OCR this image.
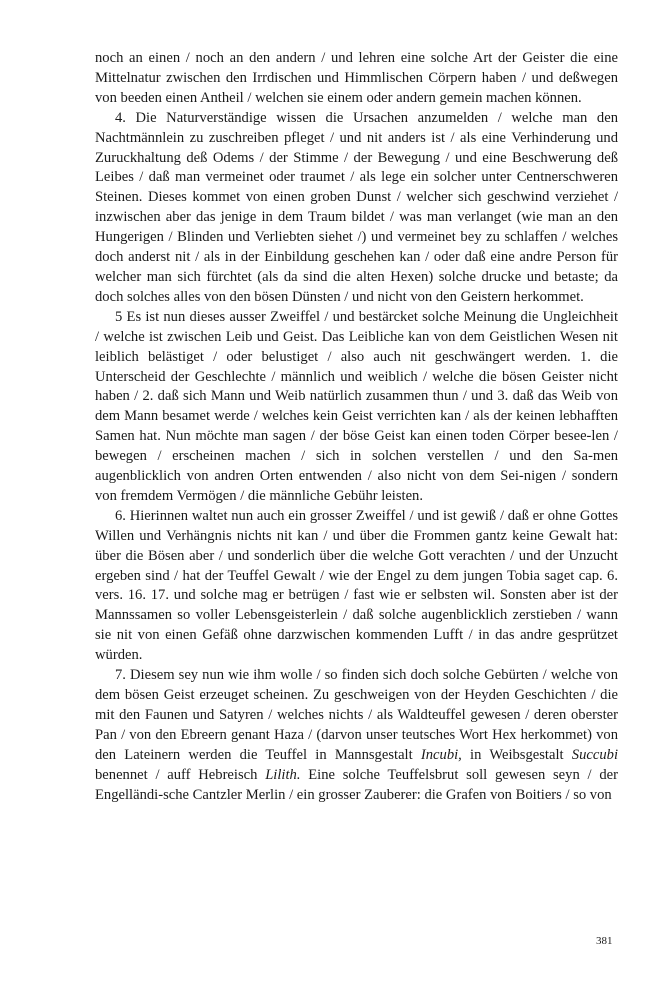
noch an einen / noch an den andern / und lehren eine solche Art der Geister die eine Mittelnatur zwischen den Irrdischen und Himmlischen Cörpern haben / und deßwegen von beeden einen Antheil / welchen sie einem oder andern gemein machen können.

4. Die Naturverständige wissen die Ursachen anzumelden / welche man den Nachtmännlein zu zuschreiben pfleget / und nit anders ist / als eine Verhinderung und Zuruckhaltung deß Odems / der Stimme / der Bewegung / und eine Beschwerung deß Leibes / daß man vermeinet oder traumet / als lege ein solcher unter Centnerschweren Steinen. Dieses kommet von einen groben Dunst / welcher sich geschwind verziehet / inzwischen aber das jenige in dem Traum bildet / was man verlanget (wie man an den Hungerigen / Blinden und Verliebten siehet /) und vermeinet bey zu schlaffen / welches doch anderst nit / als in der Einbildung geschehen kan / oder daß eine andre Person für welcher man sich fürchtet (als da sind die alten Hexen) solche drucke und betaste; da doch solches alles von den bösen Dünsten / und nicht von den Geistern herkommet.

5 Es ist nun dieses ausser Zweiffel / und bestärcket solche Meinung die Ungleichheit / welche ist zwischen Leib und Geist. Das Leibliche kan von dem Geistlichen Wesen nit leiblich belästiget / oder belustiget / also auch nit geschwängert werden. 1. die Unterscheid der Geschlechte / männlich und weiblich / welche die bösen Geister nicht haben / 2. daß sich Mann und Weib natürlich zusammen thun / und 3. daß das Weib von dem Mann besamet werde / welches kein Geist verrichten kan / als der keinen lebhafften Samen hat. Nun möchte man sagen / der böse Geist kan einen toden Cörper besee-len / bewegen / erscheinen machen / sich in solchen verstellen / und den Sa-men augenblicklich von andren Orten entwenden / also nicht von dem Sei-nigen / sondern von fremdem Vermögen / die männliche Gebühr leisten.

6. Hierinnen waltet nun auch ein grosser Zweiffel / und ist gewiß / daß er ohne Gottes Willen und Verhängnis nichts nit kan / und über die Frommen gantz keine Gewalt hat: über die Bösen aber / und sonderlich über die welche Gott verachten / und der Unzucht ergeben sind / hat der Teuffel Gewalt / wie der Engel zu dem jungen Tobia saget cap. 6. vers. 16. 17. und solche mag er betrügen / fast wie er selbsten wil. Sonsten aber ist der Mannssamen so voller Lebensgeisterlein / daß solche augenblicklich zerstieben / wann sie nit von einen Gefäß ohne darzwischen kommenden Lufft / in das andre gesprützet würden.

7. Diesem sey nun wie ihm wolle / so finden sich doch solche Gebürten / welche von dem bösen Geist erzeuget scheinen. Zu geschweigen von der Heyden Geschichten / die mit den Faunen und Satyren / welches nichts / als Waldteuffel gewesen / deren oberster Pan / von den Ebreern genant Haza / (darvon unser teutsches Wort Hex herkommet) von den Lateinern werden die Teuffel in Mannsgestalt Incubi, in Weibsgestalt Succubi benennet / auff Hebreisch Lilith. Eine solche Teuffelsbrut soll gewesen seyn / der Engelländi-sche Cantzler Merlin / ein grosser Zauberer: die Grafen von Boitiers / so von

381
